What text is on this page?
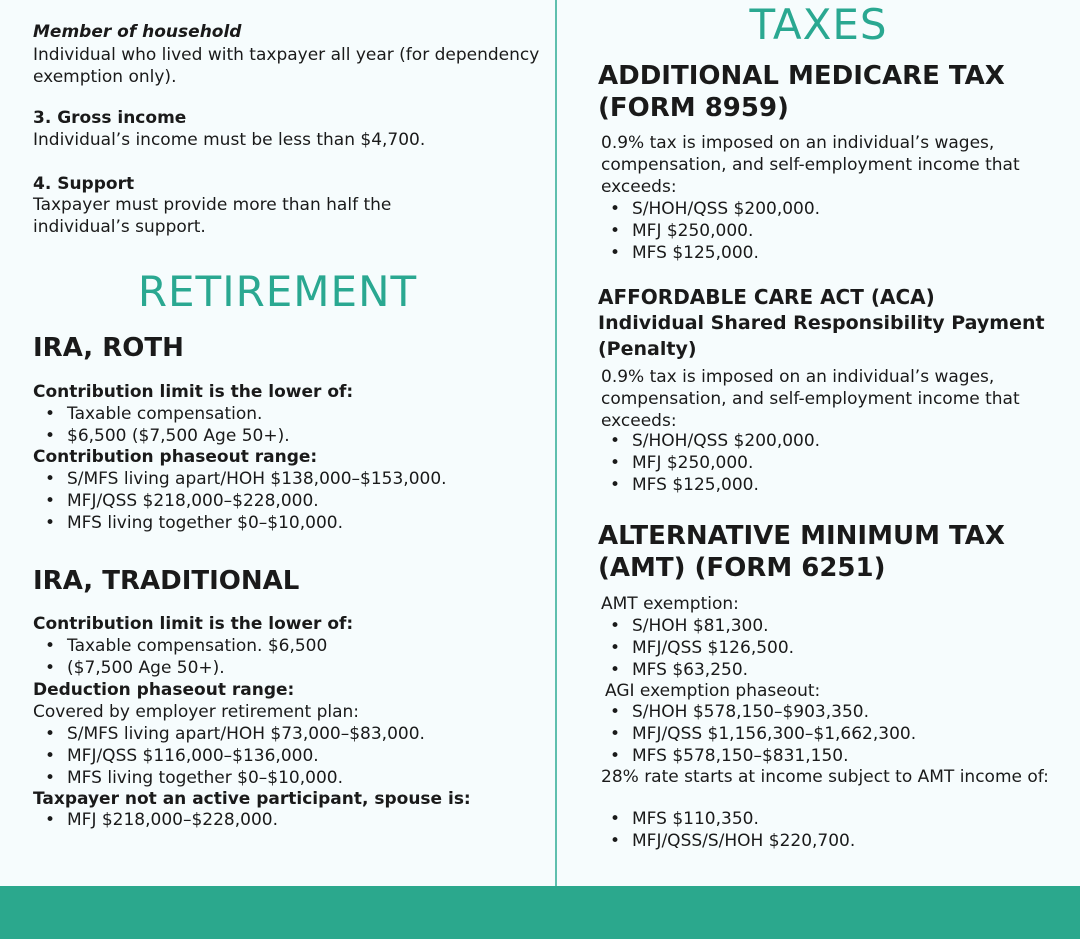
Member of household

Individual who lived with taxpayer all year (for dependency exemption only).

3. Gross income

Individual’s income must be less than $4,700.

4. Support

Taxpayer must provide more than half the individual’s support.

RETIREMENT
IRA, ROTH

Contribution limit is the lower of:

• Taxable compensation.
• $6,500 ($7,500 Age 50+).

Contribution phaseout range:

• S/MFS living apart/HOH $138,000–$153,000.
• MFJ/QSS $218,000–$228,000.
• MFS living together $0–$10,000.
IRA, TRADITIONAL

Contribution limit is the lower of:

• Taxable compensation. $6,500
• ($7,500 Age 50+).

Deduction phaseout range:

Covered by employer retirement plan:

• S/MFS living apart/HOH $73,000–$83,000.
• MFJ/QSS $116,000–$136,000.
• MFS living together $0–$10,000.

Taxpayer not an active participant, spouse is:

• MFJ $218,000–$228,000.
TAXES
ADDITIONAL MEDICARE TAX (FORM 8959)

0.9% tax is imposed on an individual’s wages, compensation, and self-employment income that exceeds:

• S/HOH/QSS $200,000.
• MFJ $250,000.
• MFS $125,000.
AFFORDABLE CARE ACT (ACA)

Individual Shared Responsibility Payment (Penalty)

0.9% tax is imposed on an individual’s wages, compensation, and self-employment income that exceeds:

• S/HOH/QSS $200,000.
• MFJ $250,000.
• MFS $125,000.
ALTERNATIVE MINIMUM TAX (AMT) (FORM 6251)

AMT exemption:

• S/HOH $81,300.
• MFJ/QSS $126,500.
• MFS $63,250.

AGI exemption phaseout:

• S/HOH $578,150–$903,350.
• MFJ/QSS $1,156,300–$1,662,300.
• MFS $578,150–$831,150.

28% rate starts at income subject to AMT income of:

• MFS $110,350.
• MFJ/QSS/S/HOH $220,700.
